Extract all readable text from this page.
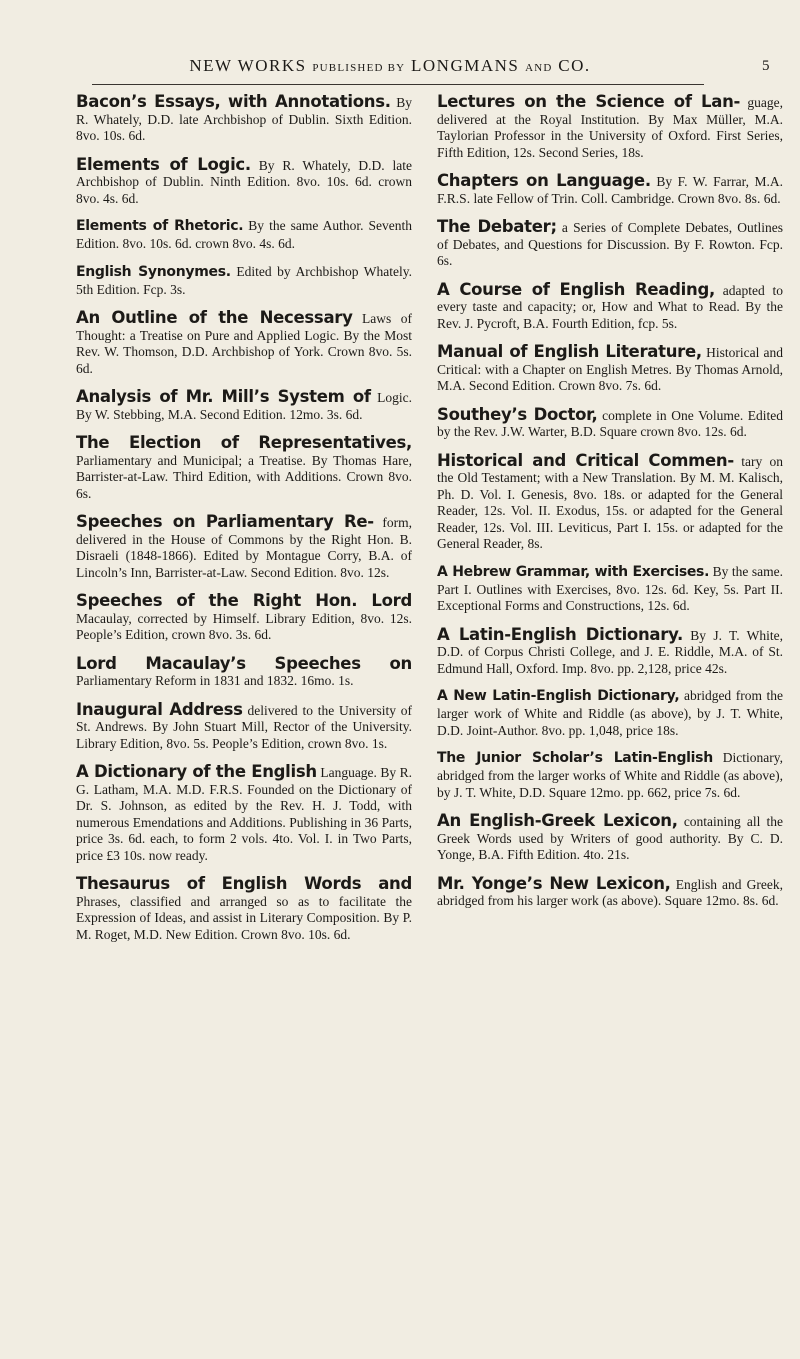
NEW WORKS PUBLISHED BY LONGMANS AND CO.	5

Bacon’s Essays, with Annotations. By R. Whately, D.D. late Archbishop of Dublin. Sixth Edition. 8vo. 10s. 6d.

Elements of Logic. By R. Whately, D.D. late Archbishop of Dublin. Ninth Edition. 8vo. 10s. 6d. crown 8vo. 4s. 6d.

Elements of Rhetoric. By the same Author. Seventh Edition. 8vo. 10s. 6d. crown 8vo. 4s. 6d.

English Synonymes. Edited by Archbishop Whately. 5th Edition. Fcp. 3s.

An Outline of the Necessary Laws of Thought: a Treatise on Pure and Applied Logic. By the Most Rev. W. Thomson, D.D. Archbishop of York. Crown 8vo. 5s. 6d.

Analysis of Mr. Mill’s System of Logic. By W. Stebbing, M.A. Second Edition. 12mo. 3s. 6d.

The Election of Representatives, Parliamentary and Municipal; a Treatise. By Thomas Hare, Barrister-at-Law. Third Edition, with Additions. Crown 8vo. 6s.

Speeches on Parliamentary Re- form, delivered in the House of Commons by the Right Hon. B. Disraeli (1848-1866). Edited by Montague Corry, B.A. of Lincoln’s Inn, Barrister-at-Law. Second Edition. 8vo. 12s.

Speeches of the Right Hon. Lord Macaulay, corrected by Himself. Library Edition, 8vo. 12s. People’s Edition, crown 8vo. 3s. 6d.

Lord Macaulay’s Speeches on Parliamentary Reform in 1831 and 1832. 16mo. 1s.

Inaugural Address delivered to the University of St. Andrews. By John Stuart Mill, Rector of the University. Library Edition, 8vo. 5s. People’s Edition, crown 8vo. 1s.

A Dictionary of the English Language. By R. G. Latham, M.A. M.D. F.R.S. Founded on the Dictionary of Dr. S. Johnson, as edited by the Rev. H. J. Todd, with numerous Emendations and Additions. Publishing in 36 Parts, price 3s. 6d. each, to form 2 vols. 4to. Vol. I. in Two Parts, price £3 10s. now ready.

Thesaurus of English Words and Phrases, classified and arranged so as to facilitate the Expression of Ideas, and assist in Literary Composition. By P. M. Roget, M.D. New Edition. Crown 8vo. 10s. 6d.

Lectures on the Science of Lan- guage, delivered at the Royal Institution. By Max Müller, M.A. Taylorian Professor in the University of Oxford. First Series, Fifth Edition, 12s. Second Series, 18s.

Chapters on Language. By F. W. Farrar, M.A. F.R.S. late Fellow of Trin. Coll. Cambridge. Crown 8vo. 8s. 6d.

The Debater; a Series of Complete Debates, Outlines of Debates, and Questions for Discussion. By F. Rowton. Fcp. 6s.

A Course of English Reading, adapted to every taste and capacity; or, How and What to Read. By the Rev. J. Pycroft, B.A. Fourth Edition, fcp. 5s.

Manual of English Literature, Historical and Critical: with a Chapter on English Metres. By Thomas Arnold, M.A. Second Edition. Crown 8vo. 7s. 6d.

Southey’s Doctor, complete in One Volume. Edited by the Rev. J.W. Warter, B.D. Square crown 8vo. 12s. 6d.

Historical and Critical Commen- tary on the Old Testament; with a New Translation. By M. M. Kalisch, Ph. D. Vol. I. Genesis, 8vo. 18s. or adapted for the General Reader, 12s. Vol. II. Exodus, 15s. or adapted for the General Reader, 12s. Vol. III. Leviticus, Part I. 15s. or adapted for the General Reader, 8s.

A Hebrew Grammar, with Exercises. By the same. Part I. Outlines with Exercises, 8vo. 12s. 6d. Key, 5s. Part II. Exceptional Forms and Constructions, 12s. 6d.

A Latin-English Dictionary. By J. T. White, D.D. of Corpus Christi College, and J. E. Riddle, M.A. of St. Edmund Hall, Oxford. Imp. 8vo. pp. 2,128, price 42s.

A New Latin-English Dictionary, abridged from the larger work of White and Riddle (as above), by J. T. White, D.D. Joint-Author. 8vo. pp. 1,048, price 18s.

The Junior Scholar’s Latin-English Dictionary, abridged from the larger works of White and Riddle (as above), by J. T. White, D.D. Square 12mo. pp. 662, price 7s. 6d.

An English-Greek Lexicon, containing all the Greek Words used by Writers of good authority. By C. D. Yonge, B.A. Fifth Edition. 4to. 21s.

Mr. Yonge’s New Lexicon, English and Greek, abridged from his larger work (as above). Square 12mo. 8s. 6d.
